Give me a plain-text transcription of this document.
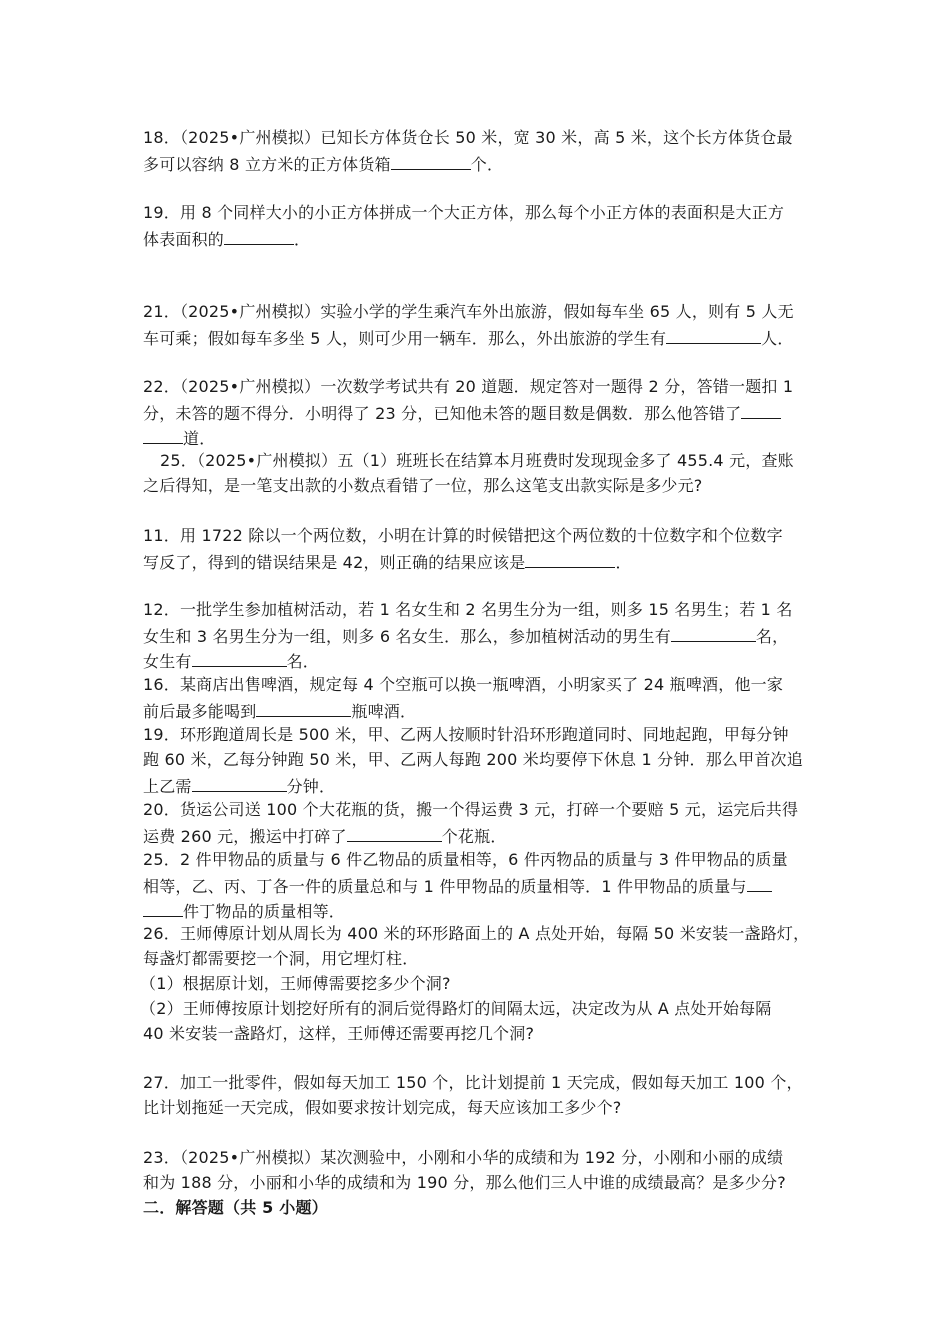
18．（2025•广州模拟）已知长方体货仓长 50 米，宽 30 米，高 5 米，这个长方体货仓最
多可以容纳 8 立方米的正方体货箱	个．
19．用 8 个同样大小的小正方体拼成一个大正方体，那么每个小正方体的表面积是大正方
体表面积的	．
21．（2025•广州模拟）实验小学的学生乘汽车外出旅游，假如每车坐 65 人，则有 5 人无
车可乘；假如每车多坐 5 人，则可少用一辆车．那么，外出旅游的学生有	人．
22．（2025•广州模拟）一次数学考试共有 20 道题．规定答对一题得 2 分，答错一题扣 1
分，未答的题不得分．小明得了 23 分，已知他未答的题目数是偶数．那么他答错了
道．
25．（2025•广州模拟）五（1）班班长在结算本月班费时发现现金多了 455.4 元，查账
之后得知，是一笔支出款的小数点看错了一位，那么这笔支出款实际是多少元?
11．用 1722 除以一个两位数，小明在计算的时候错把这个两位数的十位数字和个位数字
写反了，得到的错误结果是 42，则正确的结果应该是	．
12．一批学生参加植树活动，若 1 名女生和 2 名男生分为一组，则多 15 名男生；若 1 名
女生和 3 名男生分为一组，则多 6 名女生．那么，参加植树活动的男生有	名，
女生有	名．
16．某商店出售啤酒，规定每 4 个空瓶可以换一瓶啤酒，小明家买了 24 瓶啤酒，他一家
前后最多能喝到	瓶啤酒．
19．环形跑道周长是 500 米，甲、乙两人按顺时针沿环形跑道同时、同地起跑，甲每分钟
跑 60 米，乙每分钟跑 50 米，甲、乙两人每跑 200 米均要停下休息 1 分钟．那么甲首次追
上乙需	分钟．
20．货运公司送 100 个大花瓶的货，搬一个得运费 3 元，打碎一个要赔 5 元，运完后共得
运费 260 元，搬运中打碎了	个花瓶．
25．2 件甲物品的质量与 6 件乙物品的质量相等，6 件丙物品的质量与 3 件甲物品的质量
相等，乙、丙、丁各一件的质量总和与 1 件甲物品的质量相等．1 件甲物品的质量与
件丁物品的质量相等．
26．王师傅原计划从周长为 400 米的环形路面上的 A 点处开始，每隔 50 米安装一盏路灯，
每盏灯都需要挖一个洞，用它埋灯柱．
（1）根据原计划，王师傅需要挖多少个洞?
（2）王师傅按原计划挖好所有的洞后觉得路灯的间隔太远，决定改为从 A 点处开始每隔
40 米安装一盏路灯，这样，王师傅还需要再挖几个洞?
27．加工一批零件，假如每天加工 150 个，比计划提前 1 天完成，假如每天加工 100 个，
比计划拖延一天完成，假如要求按计划完成，每天应该加工多少个?
23．（2025•广州模拟）某次测验中，小刚和小华的成绩和为 192 分，小刚和小丽的成绩
和为 188 分，小丽和小华的成绩和为 190 分，那么他们三人中谁的成绩最高？是多少分?
二．解答题（共 5 小题）
